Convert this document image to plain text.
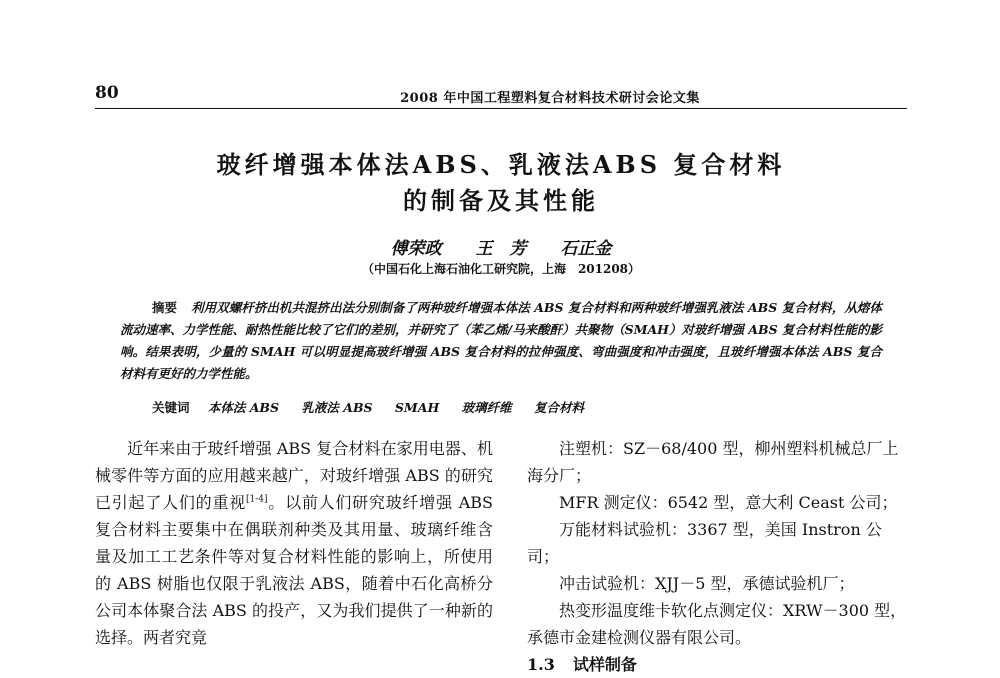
80	2008 年中国工程塑料复合材料技术研讨会论文集
玻纤增强本体法ABS、乳液法ABS 复合材料
的制备及其性能
傅荣政 王　芳 石正金
（中国石化上海石油化工研究院，上海　201208）

摘要 利用双螺杆挤出机共混挤出法分别制备了两种玻纤增强本体法 ABS 复合材料和两种玻纤增强乳液法 ABS 复合材料，从熔体流动速率、力学性能、耐热性能比较了它们的差别，并研究了（苯乙烯/马来酸酐）共聚物（SMAH）对玻纤增强 ABS 复合材料性能的影响。结果表明，少量的 SMAH 可以明显提高玻纤增强 ABS 复合材料的拉伸强度、弯曲强度和冲击强度，且玻纤增强本体法 ABS 复合材料有更好的力学性能。

关键词 本体法 ABS 乳液法 ABS SMAH 玻璃纤维 复合材料

近年来由于玻纤增强 ABS 复合材料在家用电器、机械零件等方面的应用越来越广，对玻纤增强 ABS 的研究已引起了人们的重视[1-4]。以前人们研究玻纤增强 ABS 复合材料主要集中在偶联剂种类及其用量、玻璃纤维含量及加工工艺条件等对复合材料性能的影响上，所使用的 ABS 树脂也仅限于乳液法 ABS，随着中石化高桥分公司本体聚合法 ABS 的投产，又为我们提供了一种新的选择。两者究竟

注塑机：SZ－68/400 型，柳州塑料机械总厂上海分厂；

MFR 测定仪：6542 型，意大利 Ceast 公司；

万能材料试验机：3367 型，美国 Instron 公司；

冲击试验机：XJJ－5 型，承德试验机厂；

热变形温度维卡软化点测定仪：XRW－300 型，承德市金建检测仪器有限公司。

1.3 试样制备
